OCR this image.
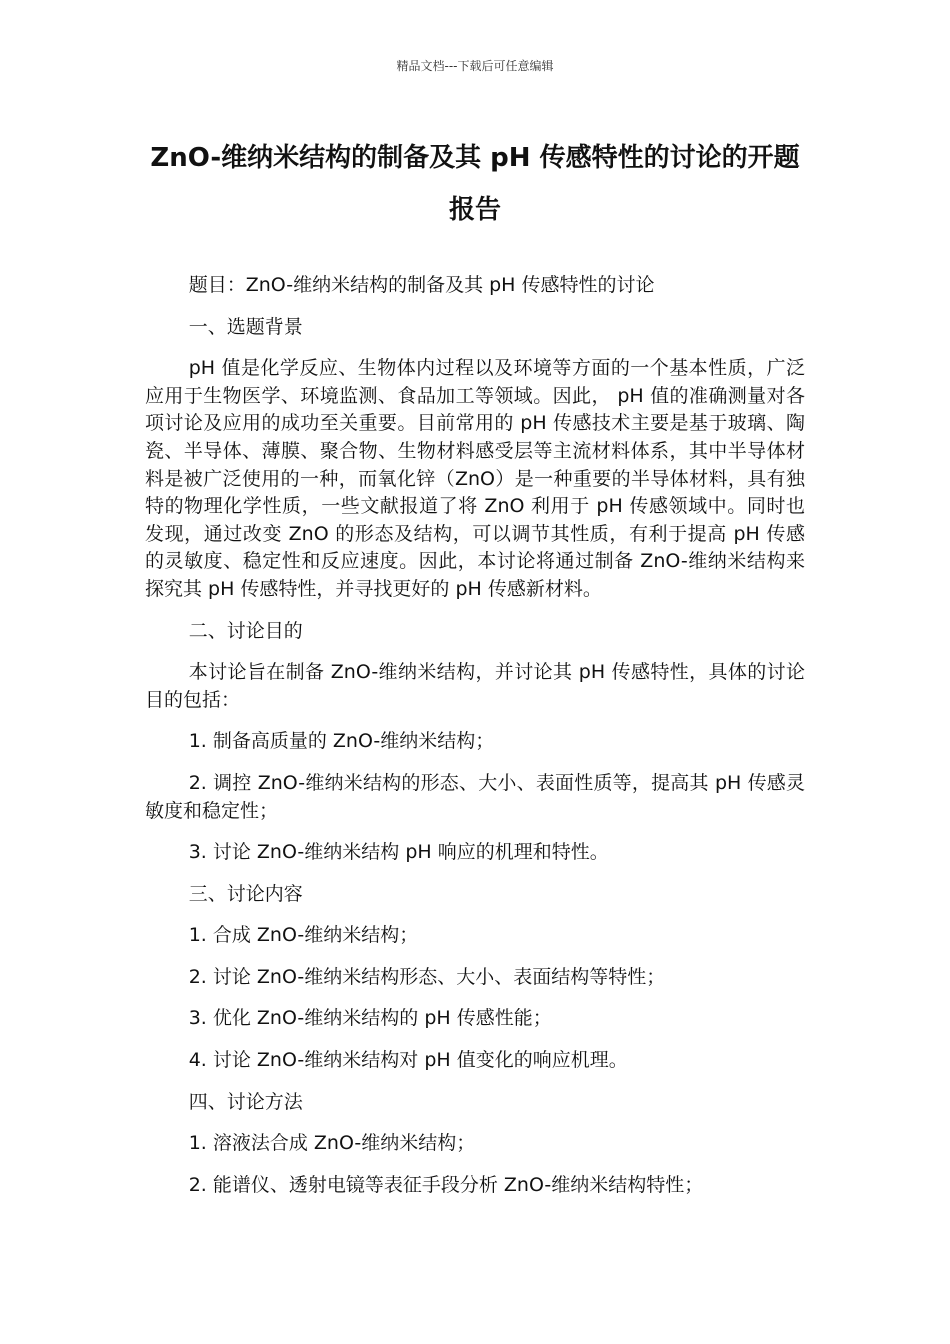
精品文档---下载后可任意编辑
ZnO-维纳米结构的制备及其 pH 传感特性的讨论的开题报告

题目：ZnO-维纳米结构的制备及其 pH 传感特性的讨论

一、选题背景

pH 值是化学反应、生物体内过程以及环境等方面的一个基本性质，广泛应用于生物医学、环境监测、食品加工等领域。因此， pH 值的准确测量对各项讨论及应用的成功至关重要。目前常用的 pH 传感技术主要是基于玻璃、陶瓷、半导体、薄膜、聚合物、生物材料感受层等主流材料体系，其中半导体材料是被广泛使用的一种，而氧化锌（ZnO）是一种重要的半导体材料，具有独特的物理化学性质，一些文献报道了将 ZnO 利用于 pH 传感领域中。同时也发现，通过改变 ZnO 的形态及结构，可以调节其性质，有利于提高 pH 传感的灵敏度、稳定性和反应速度。因此，本讨论将通过制备 ZnO-维纳米结构来探究其 pH 传感特性，并寻找更好的 pH 传感新材料。

二、讨论目的

本讨论旨在制备 ZnO-维纳米结构，并讨论其 pH 传感特性，具体的讨论目的包括：

1. 制备高质量的 ZnO-维纳米结构；

2. 调控 ZnO-维纳米结构的形态、大小、表面性质等，提高其 pH 传感灵敏度和稳定性；

3. 讨论 ZnO-维纳米结构 pH 响应的机理和特性。

三、讨论内容

1. 合成 ZnO-维纳米结构；

2. 讨论 ZnO-维纳米结构形态、大小、表面结构等特性；

3. 优化 ZnO-维纳米结构的 pH 传感性能；

4. 讨论 ZnO-维纳米结构对 pH 值变化的响应机理。

四、讨论方法

1. 溶液法合成 ZnO-维纳米结构；

2. 能谱仪、透射电镜等表征手段分析 ZnO-维纳米结构特性；
